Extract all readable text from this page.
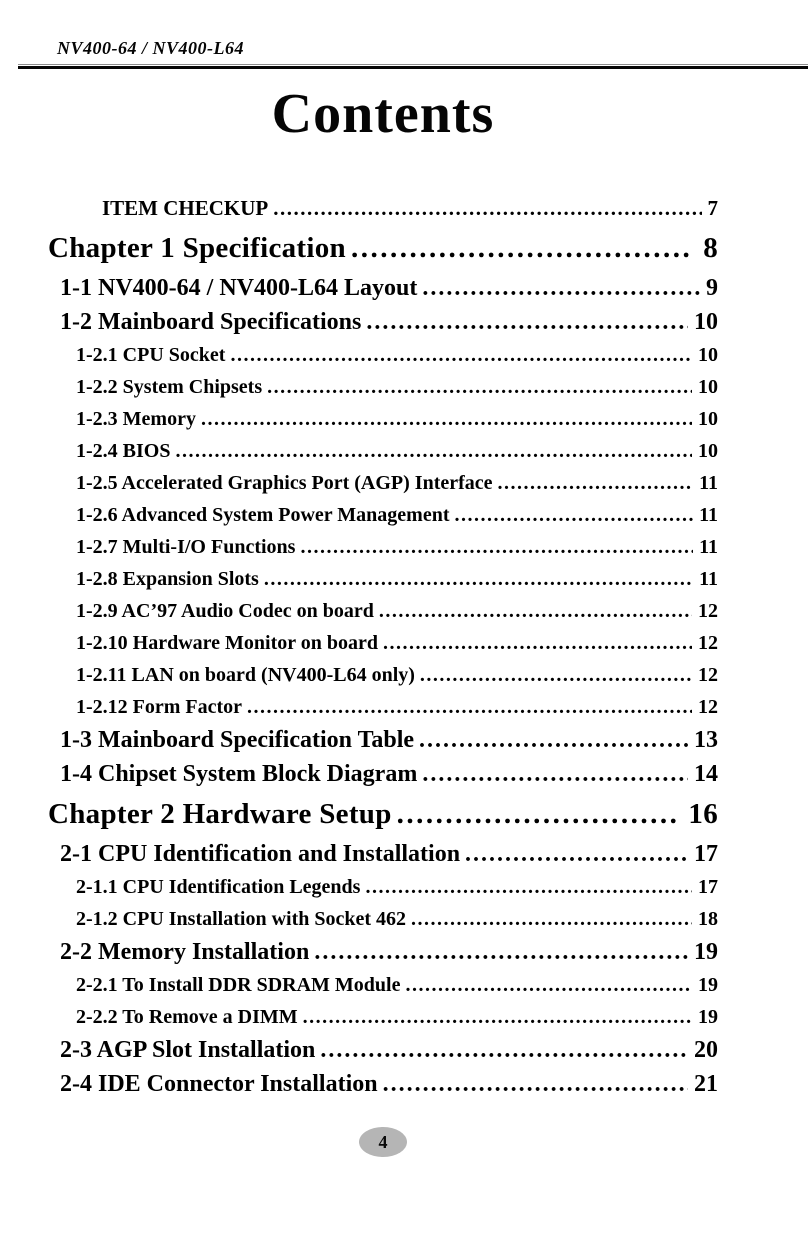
NV400-64 / NV400-L64
Contents
ITEM CHECKUP .....	7
Chapter 1 Specification .....	8
1-1 NV400-64 / NV400-L64 Layout .....	9
1-2 Mainboard Specifications .....	10
1-2.1 CPU Socket .....	10
1-2.2 System Chipsets .....	10
1-2.3 Memory .....	10
1-2.4 BIOS .....	10
1-2.5 Accelerated Graphics Port (AGP) Interface .....	11
1-2.6 Advanced System Power Management .....	11
1-2.7 Multi-I/O Functions .....	11
1-2.8 Expansion Slots .....	11
1-2.9 AC’97 Audio Codec on board .....	12
1-2.10 Hardware Monitor on board .....	12
1-2.11 LAN on board (NV400-L64 only) .....	12
1-2.12 Form Factor .....	12
1-3 Mainboard Specification Table .....	13
1-4 Chipset System Block Diagram .....	14
Chapter 2 Hardware Setup .....	16
2-1 CPU Identification and Installation .....	17
2-1.1 CPU Identification Legends .....	17
2-1.2 CPU Installation with Socket 462 .....	18
2-2 Memory Installation .....	19
2-2.1 To Install DDR SDRAM Module .....	19
2-2.2 To Remove a DIMM .....	19
2-3 AGP Slot Installation .....	20
2-4 IDE Connector Installation .....	21
4
